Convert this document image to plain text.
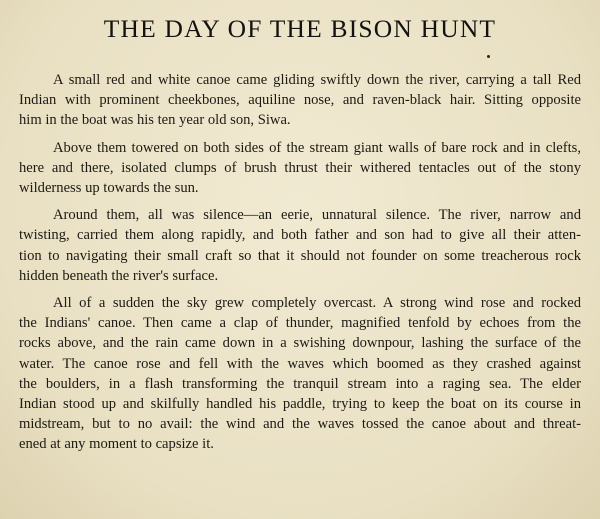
THE DAY OF THE BISON HUNT

A small red and white canoe came gliding swiftly down the river, carrying a tall Red
Indian with prominent cheekbones, aquiline nose, and raven-black hair. Sitting opposite
him in the boat was his ten year old son, Siwa.

Above them towered on both sides of the stream giant walls of bare rock and in clefts,
here and there, isolated clumps of brush thrust their withered tentacles out of the stony
wilderness up towards the sun.

Around them, all was silence—an eerie, unnatural silence. The river, narrow and
twisting, carried them along rapidly, and both father and son had to give all their atten-
tion to navigating their small craft so that it should not founder on some treacherous rock
hidden beneath the river's surface.

All of a sudden the sky grew completely overcast. A strong wind rose and rocked
the Indians' canoe. Then came a clap of thunder, magnified tenfold by echoes from the
rocks above, and the rain came down in a swishing downpour, lashing the surface of the
water. The canoe rose and fell with the waves which boomed as they crashed against
the boulders, in a flash transforming the tranquil stream into a raging sea. The elder
Indian stood up and skilfully handled his paddle, trying to keep the boat on its course in
midstream, but to no avail: the wind and the waves tossed the canoe about and threat-
ened at any moment to capsize it.
